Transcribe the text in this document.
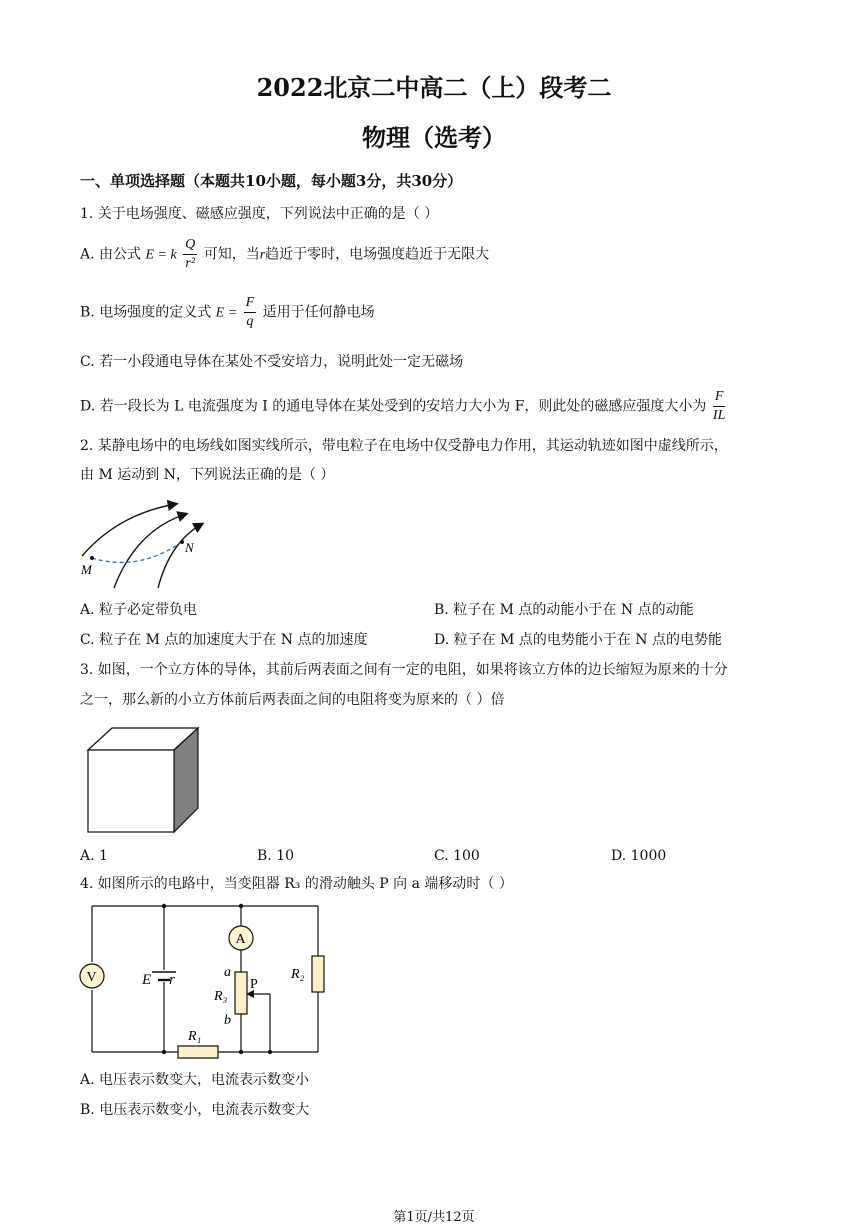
2022北京二中高二（上）段考二
物理（选考）
一、单项选择题（本题共10小题，每小题3分，共30分）
1. 关于电场强度、磁感应强度，下列说法中正确的是（ ）
A. 由公式 E = k $\frac{Q}{\text{r²}}$ 可知，当r趋近于零时，电场强度趋近于无限大
B. 电场强度的定义式 $E = \frac{F}{q}$ 适用于任何静电场
C. 若一小段通电导体在某处不受安培力，说明此处一定无磁场
D. 若一段长为 L 电流强度为 I 的通电导体在某处受到的安培力大小为 F，则此处的磁感应强度大小为 $\frac{F}{IL}$
2. 某静电场中的电场线如图实线所示，带电粒子在电场中仅受静电力作用，其运动轨迹如图中虚线所示，
由 M 运动到 N，下列说法正确的是（ ）
M
N
A. 粒子必定带负电	B. 粒子在 M 点的动能小于在 N 点的动能
C. 粒子在 M 点的加速度大于在 N 点的加速度	D. 粒子在 M 点的电势能小于在 N 点的电势能
3. 如图，一个立方体的导体，其前后两表面之间有一定的电阻，如果将该立方体的边长缩短为原来的十分
之一，那么新的小立方体前后两表面之间的电阻将变为原来的（ ）倍
A. 1	B. 10	C. 100	D. 1000
4. 如图所示的电路中，当变阻器 R₃ 的滑动触头 P 向 a 端移动时（ ）
V
A
E r	a
b
P
R₃
R₂
R₁
A. 电压表示数变大，电流表示数变小
B. 电压表示数变小，电流表示数变大
第1页/共12页
